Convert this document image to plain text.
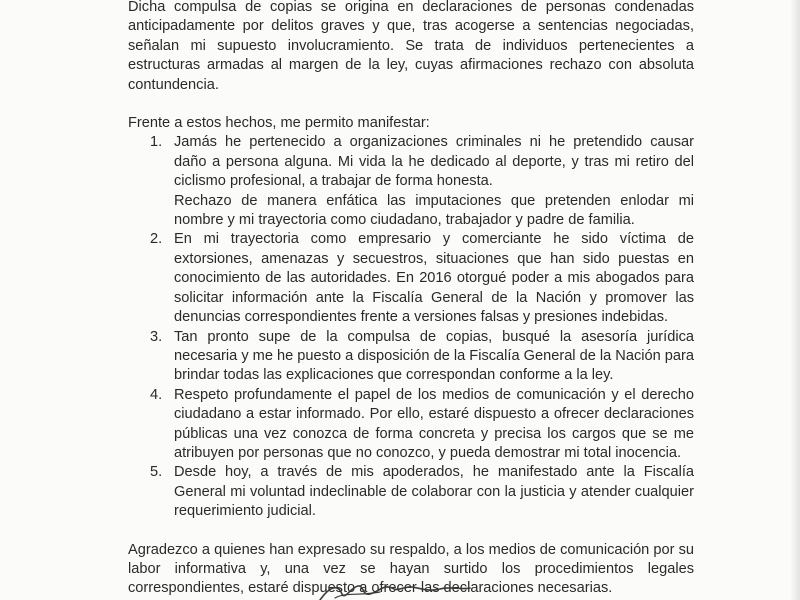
Dicha compulsa de copias se origina en declaraciones de personas condenadas anticipadamente por delitos graves y que, tras acogerse a sentencias negociadas, señalan mi supuesto involucramiento. Se trata de individuos pertenecientes a estructuras armadas al margen de la ley, cuyas afirmaciones rechazo con absoluta contundencia.

Frente a estos hechos, me permito manifestar:

1. Jamás he pertenecido a organizaciones criminales ni he pretendido causar daño a persona alguna. Mi vida la he dedicado al deporte, y tras mi retiro del ciclismo profesional, a trabajar de forma honesta.
Rechazo de manera enfática las imputaciones que pretenden enlodar mi nombre y mi trayectoria como ciudadano, trabajador y padre de familia.
2. En mi trayectoria como empresario y comerciante he sido víctima de extorsiones, amenazas y secuestros, situaciones que han sido puestas en conocimiento de las autoridades. En 2016 otorgué poder a mis abogados para solicitar información ante la Fiscalía General de la Nación y promover las denuncias correspondientes frente a versiones falsas y presiones indebidas.
3. Tan pronto supe de la compulsa de copias, busqué la asesoría jurídica necesaria y me he puesto a disposición de la Fiscalía General de la Nación para brindar todas las explicaciones que correspondan conforme a la ley.
4. Respeto profundamente el papel de los medios de comunicación y el derecho ciudadano a estar informado. Por ello, estaré dispuesto a ofrecer declaraciones públicas una vez conozca de forma concreta y precisa los cargos que se me atribuyen por personas que no conozco, y pueda demostrar mi total inocencia.
5. Desde hoy, a través de mis apoderados, he manifestado ante la Fiscalía General mi voluntad indeclinable de colaborar con la justicia y atender cualquier requerimiento judicial.

Agradezco a quienes han expresado su respaldo, a los medios de comunicación por su labor informativa y, una vez se hayan surtido los procedimientos legales correspondientes, estaré dispuesto a ofrecer las declaraciones necesarias.
